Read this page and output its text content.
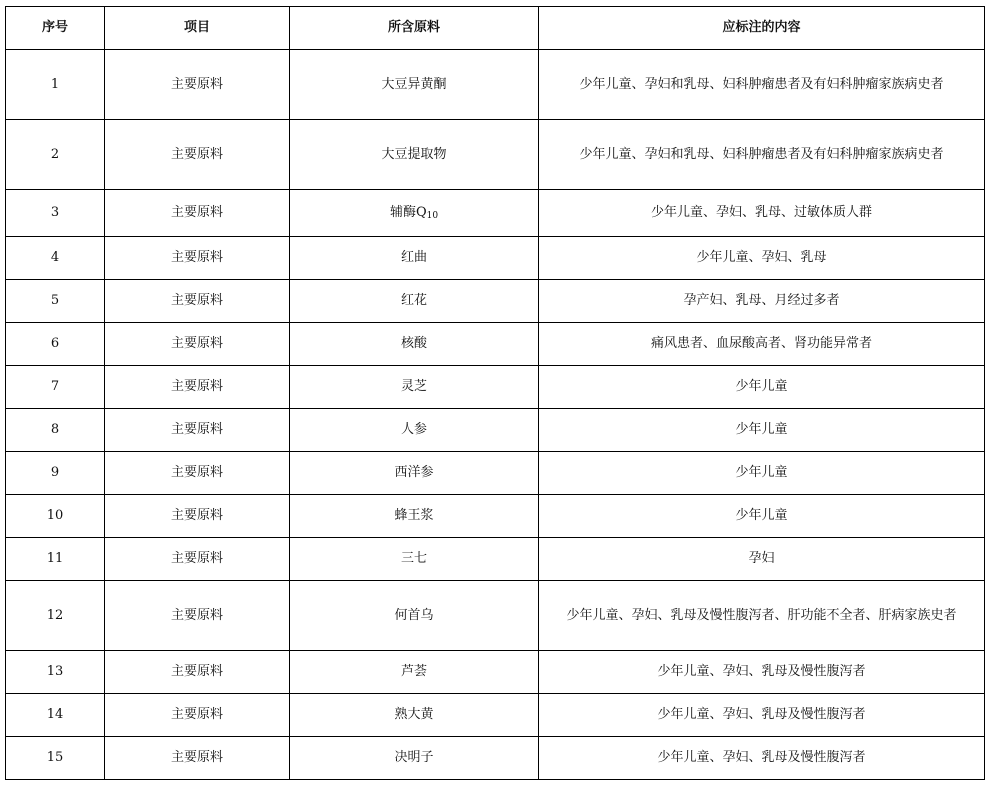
序号	项目	所含原料	应标注的内容
1	主要原料	大豆异黄酮	少年儿童、孕妇和乳母、妇科肿瘤患者及有妇科肿瘤家族病史者
2	主要原料	大豆提取物	少年儿童、孕妇和乳母、妇科肿瘤患者及有妇科肿瘤家族病史者
3	主要原料	辅酶$Q_{10}$	少年儿童、孕妇、乳母、过敏体质人群
4	主要原料	红曲	少年儿童、孕妇、乳母
5	主要原料	红花	孕产妇、乳母、月经过多者
6	主要原料	核酸	痛风患者、血尿酸高者、肾功能异常者
7	主要原料	灵芝	少年儿童
8	主要原料	人参	少年儿童
9	主要原料	西洋参	少年儿童
10	主要原料	蜂王浆	少年儿童
11	主要原料	三七	孕妇
12	主要原料	何首乌	少年儿童、孕妇、乳母及慢性腹泻者、肝功能不全者、肝病家族史者
13	主要原料	芦荟	少年儿童、孕妇、乳母及慢性腹泻者
14	主要原料	熟大黄	少年儿童、孕妇、乳母及慢性腹泻者
15	主要原料	决明子	少年儿童、孕妇、乳母及慢性腹泻者
